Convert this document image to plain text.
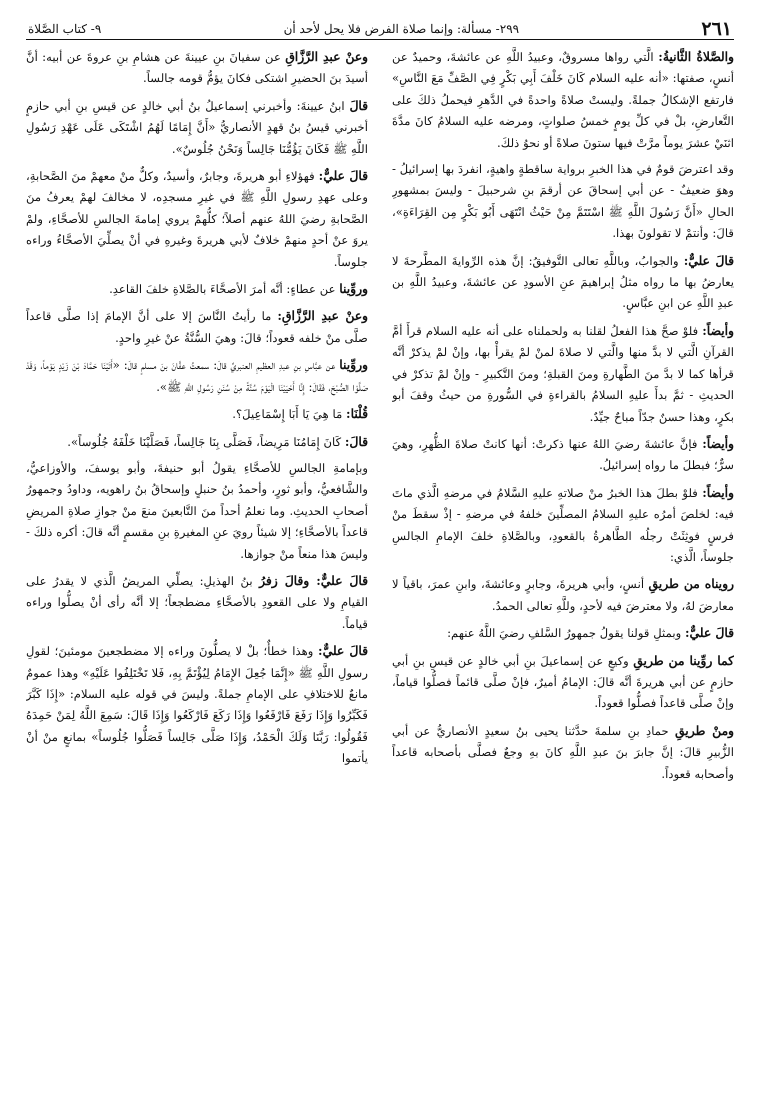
٢٦١
٢٩٩- مسألة: وإنما صلاة الفرض فلا يحل لأحد أن
٩- كتاب الصَّلاة

والصَّلاةُ الثَّانيةُ: الَّتي رواها مسروقٌ، وعبيدُ اللَّهِ عن عائشةَ، وحميدٌ عن أنسٍ، صفتها: «أنه عليه السلام كَانَ خَلْفَ أَبِي بَكْرٍ فِي الصَّفِّ مَعَ النَّاسِ» فارتفع الإشكالُ جملةً. وليستْ صلاةً واحدةً في الدَّهرِ فيحملُ ذلكَ على التَّعارضِ، بلْ في كلِّ يومٍ خمسُ صلواتٍ، ومرضه عليه السلامُ كانَ مدَّةَ اثنَيْ عشرَ يوماً مرَّتْ فيها ستونَ صلاةً أو نحوُ ذلكَ.

وقد اعترضَ قومٌ في هذا الخبرِ برواية ساقطةٍ واهيةٍ، انفردَ بها إسرائيلُ - وهوَ ضعيفٌ - عن أبي إسحاقَ عن أرقمَ بنِ شرحبيلَ - وليسَ بمشهورِ الحالِ «أَنَّ رَسُولَ اللَّهِ ﷺ اسْتَتَمَّ مِنْ حَيْثُ انْتَهَى أَبُو بَكْرٍ مِن القِرَاءَةِ»، قالَ: وأنتمْ لا تقولونَ بهذا.

قالَ عليٌّ: والجوابُ، وباللَّهِ تعالى التَّوفيقُ: إنَّ هذه الرِّوايةَ المطَّرحةَ لا يعارضُ بها ما رواه مثلُ إبراهيمَ عنِ الأسودِ عن عائشةَ، وعبيدُ اللَّهِ بن عبدِ اللَّهِ عن ابنِ عبَّاسٍ.

وأيضاً: فلوْ صحَّ هذا الفعلُ لقلنا به ولحملناه على أنه عليه السلام قرأَ أمَّ القرآنِ الَّتي لا بدَّ منها والَّتي لا صلاةَ لمنْ لمْ يقرأْ بها، وإنْ لمْ يذكرْ أنَّه قرأها كما لا بدَّ منَ الطَّهارةِ ومنَ القبلةِ؛ ومنَ التَّكبيرِ - وإنْ لمْ تذكرْ في الحديثِ - ثمَّ بدأَ عليهِ السلامُ بالقراءةِ في السُّورةِ من حيثُ وقفَ أبو بكرٍ، وهذا حسنٌ جدّاً مباحٌ جيِّدٌ.

وأيضاً: فإنَّ عائشةَ رضيَ اللهُ عنها ذكرتْ: أنها كانتْ صلاةَ الظُّهرِ، وهيَ سرٌّ؛ فبطلَ ما رواه إسرائيلُ.

وأيضاً: فلوْ بطلَ هذا الخبرُ منْ صلاتهِ عليهِ السَّلامُ في مرضهِ الَّذي ماتَ فيه: لخلصَ أمرُه عليهِ السلامُ المصلِّينَ خلفهُ في مرضهِ - إذْ سقطَ منْ فرسٍ فوثِئَتْ رجلُه الطَّاهرةُ بالقعودِ، وبالصَّلاةِ خلفَ الإمامِ الجالسِ جلوساً، الَّذي:

رويناه من طريقِ أنسٍ، وأبي هريرةَ، وجابرٍ وعائشةَ، وابنِ عمرَ، باقياً لا معارضَ لهُ، ولا معترضَ فيه لأحدٍ، وللَّهِ تعالى الحمدُ.

قالَ عليٌّ: وبمثلِ قولنا يقولُ جمهورُ السَّلفِ رضيَ اللَّهُ عنهم:

كما روِّينا من طريقِ وكيعٍ عن إسماعيلَ بنِ أبي خالدٍ عن قيسِ بنِ أبي حازمٍ عن أبي هريرةَ أنَّه قالَ: الإمامُ أميرٌ، فإنْ صلَّى قائماً فصلُّوا قياماً، وإنْ صلَّى قاعداً فصلُّوا قعوداً.

ومنْ طريقِ حمادِ بنِ سلمةَ حدَّثنا يحيى بنُ سعيدٍ الأنصاريُّ عن أبي الزُّبيرِ قالَ: إنَّ جابرَ بنَ عبدِ اللَّهِ كانَ بهِ وجعٌ فصلَّى بأصحابه قاعداً وأصحابه قعوداً.

وعنْ عبدِ الرَّزَّاقِ عن سفيانَ بنِ عيينةَ عن هشامِ بنِ عروةَ عن أبيه: أنَّ أسيدَ بنَ الحضيرِ اشتكى فكانَ يؤمُّ قومه جالساً.

قالَ ابنُ عيينةَ: وأخبرني إسماعيلُ بنُ أبي خالدٍ عن قيسِ بنِ أبي حازمٍ أخبرني قيسُ بنُ قهدٍ الأنصاريُّ «أَنَّ إِمَامًا لَهُمُ اشْتَكَى عَلَى عَهْدِ رَسُولِ اللَّهِ ﷺ فَكَانَ يَؤُمُّنَا جَالِساً وَنَحْنُ جُلُوسٌ».

قالَ عليٌّ: فهؤلاءِ أبو هريرةَ، وجابرٌ، وأسيدٌ، وكلٌّ منْ معهمْ منَ الصَّحابةِ، وعلى عهدِ رسولِ اللَّهِ ﷺ في غيرِ مسجدِه، لا مخالفَ لهمْ يعرفُ منَ الصَّحابةِ رضيَ اللهُ عنهم أصلاً؛ كلُّهمْ يروي إمامةَ الجالسِ للأصحَّاءِ، ولمْ يروَ عنْ أحدٍ منهمْ خلافٌ لأبي هريرةَ وغيرهِ في أنْ يصلِّيَ الأصحَّاءُ وراءه جلوساً.

وروِّينا عن عطاءٍ: أنَّه أمرَ الأصحَّاءَ بالصَّلاةِ خلفَ القاعدِ.

وعنْ عبدِ الرَّزَّاقِ: ما رأيتُ النَّاسَ إلا على أنَّ الإمامَ إذا صلَّى قاعداً صلَّى منْ خلفه قعوداً؛ قالَ: وهيَ السُّنَّةُ عنْ غيرِ واحدٍ.

وروِّينا عن عبَّاسِ بنِ عبدِ العظيمِ العنبريِّ قالَ: سمعتُ عفَّانَ بنَ مسلمٍ قالَ: «أَتَيْنَا حَمَّادَ بْنَ زَيْدٍ يَوْماً، وَقَدْ صَلَّوْا الصُّبْحَ، فَقَالَ: إِنَّا أَحْيَيْنَا الْيَوْمَ سُنَّةً مِنْ سُنَنِ رَسُولِ اللَّهِ ﷺ».

قُلْنَا: مَا هِيَ يَا أَبَا إِسْمَاعِيلَ؟.

قالَ: كَانَ إِمَامُنَا مَرِيضاً، فَصَلَّى بِنَا جَالِساً، فَصَلَّيْنَا خَلْفَهُ جُلُوساً».

وبإمامةِ الجالسِ للأصحَّاءِ يقولُ أبو حنيفةَ، وأبو يوسفَ، والأوزاعيُّ، والشَّافعيُّ، وأبو ثورٍ، وأحمدُ بنُ حنبلٍ وإسحاقُ بنُ راهويه، وداودُ وجمهورُ أصحابِ الحديثِ. وما نعلمُ أحداً منَ التَّابعينَ منعَ منْ جوازِ صلاةِ المريضِ قاعداً بالأصحَّاءِ؛ إلا شيئاً رويَ عنِ المغيرةِ بنِ مقسمٍ أنَّه قالَ: أكره ذلكَ - وليسَ هذا منعاً منْ جوازها.

قالَ عليٌّ: وقالَ زفرُ بنُ الهذيلِ: يصلِّي المريضُ الَّذي لا يقدرُ على القيامِ ولا على القعودِ بالأصحَّاءِ مضطجعاً؛ إلا أنَّه رأى أنْ يصلُّوا وراءه قياماً.

قالَ عليٌّ: وهذا خطأٌ؛ بلْ لا يصلُّونَ وراءه إلا مضطجعينَ مومئينَ؛ لقولِ رسولِ اللَّهِ ﷺ «إِنَّمَا جُعِلَ الإِمَامُ لِيُؤْتَمَّ بِهِ، فَلا تَخْتَلِفُوا عَلَيْهِ» وهذا عمومٌ مانعٌ للاختلافِ على الإمامِ جملةً. وليسَ في قوله عليه السلام: «إِذَا كَبَّرَ فَكَبِّرُوا وَإِذَا رَفَعَ فَارْفَعُوا وَإِذَا رَكَعَ فَارْكَعُوا وَإِذَا قَالَ: سَمِعَ اللَّهُ لِمَنْ حَمِدَهُ فَقُولُوا: رَبَّنَا وَلَكَ الْحَمْدُ، وَإِذَا صَلَّى جَالِساً فَصَلُّوا جُلُوساً» بمانعٍ منْ أنْ يأتموا
